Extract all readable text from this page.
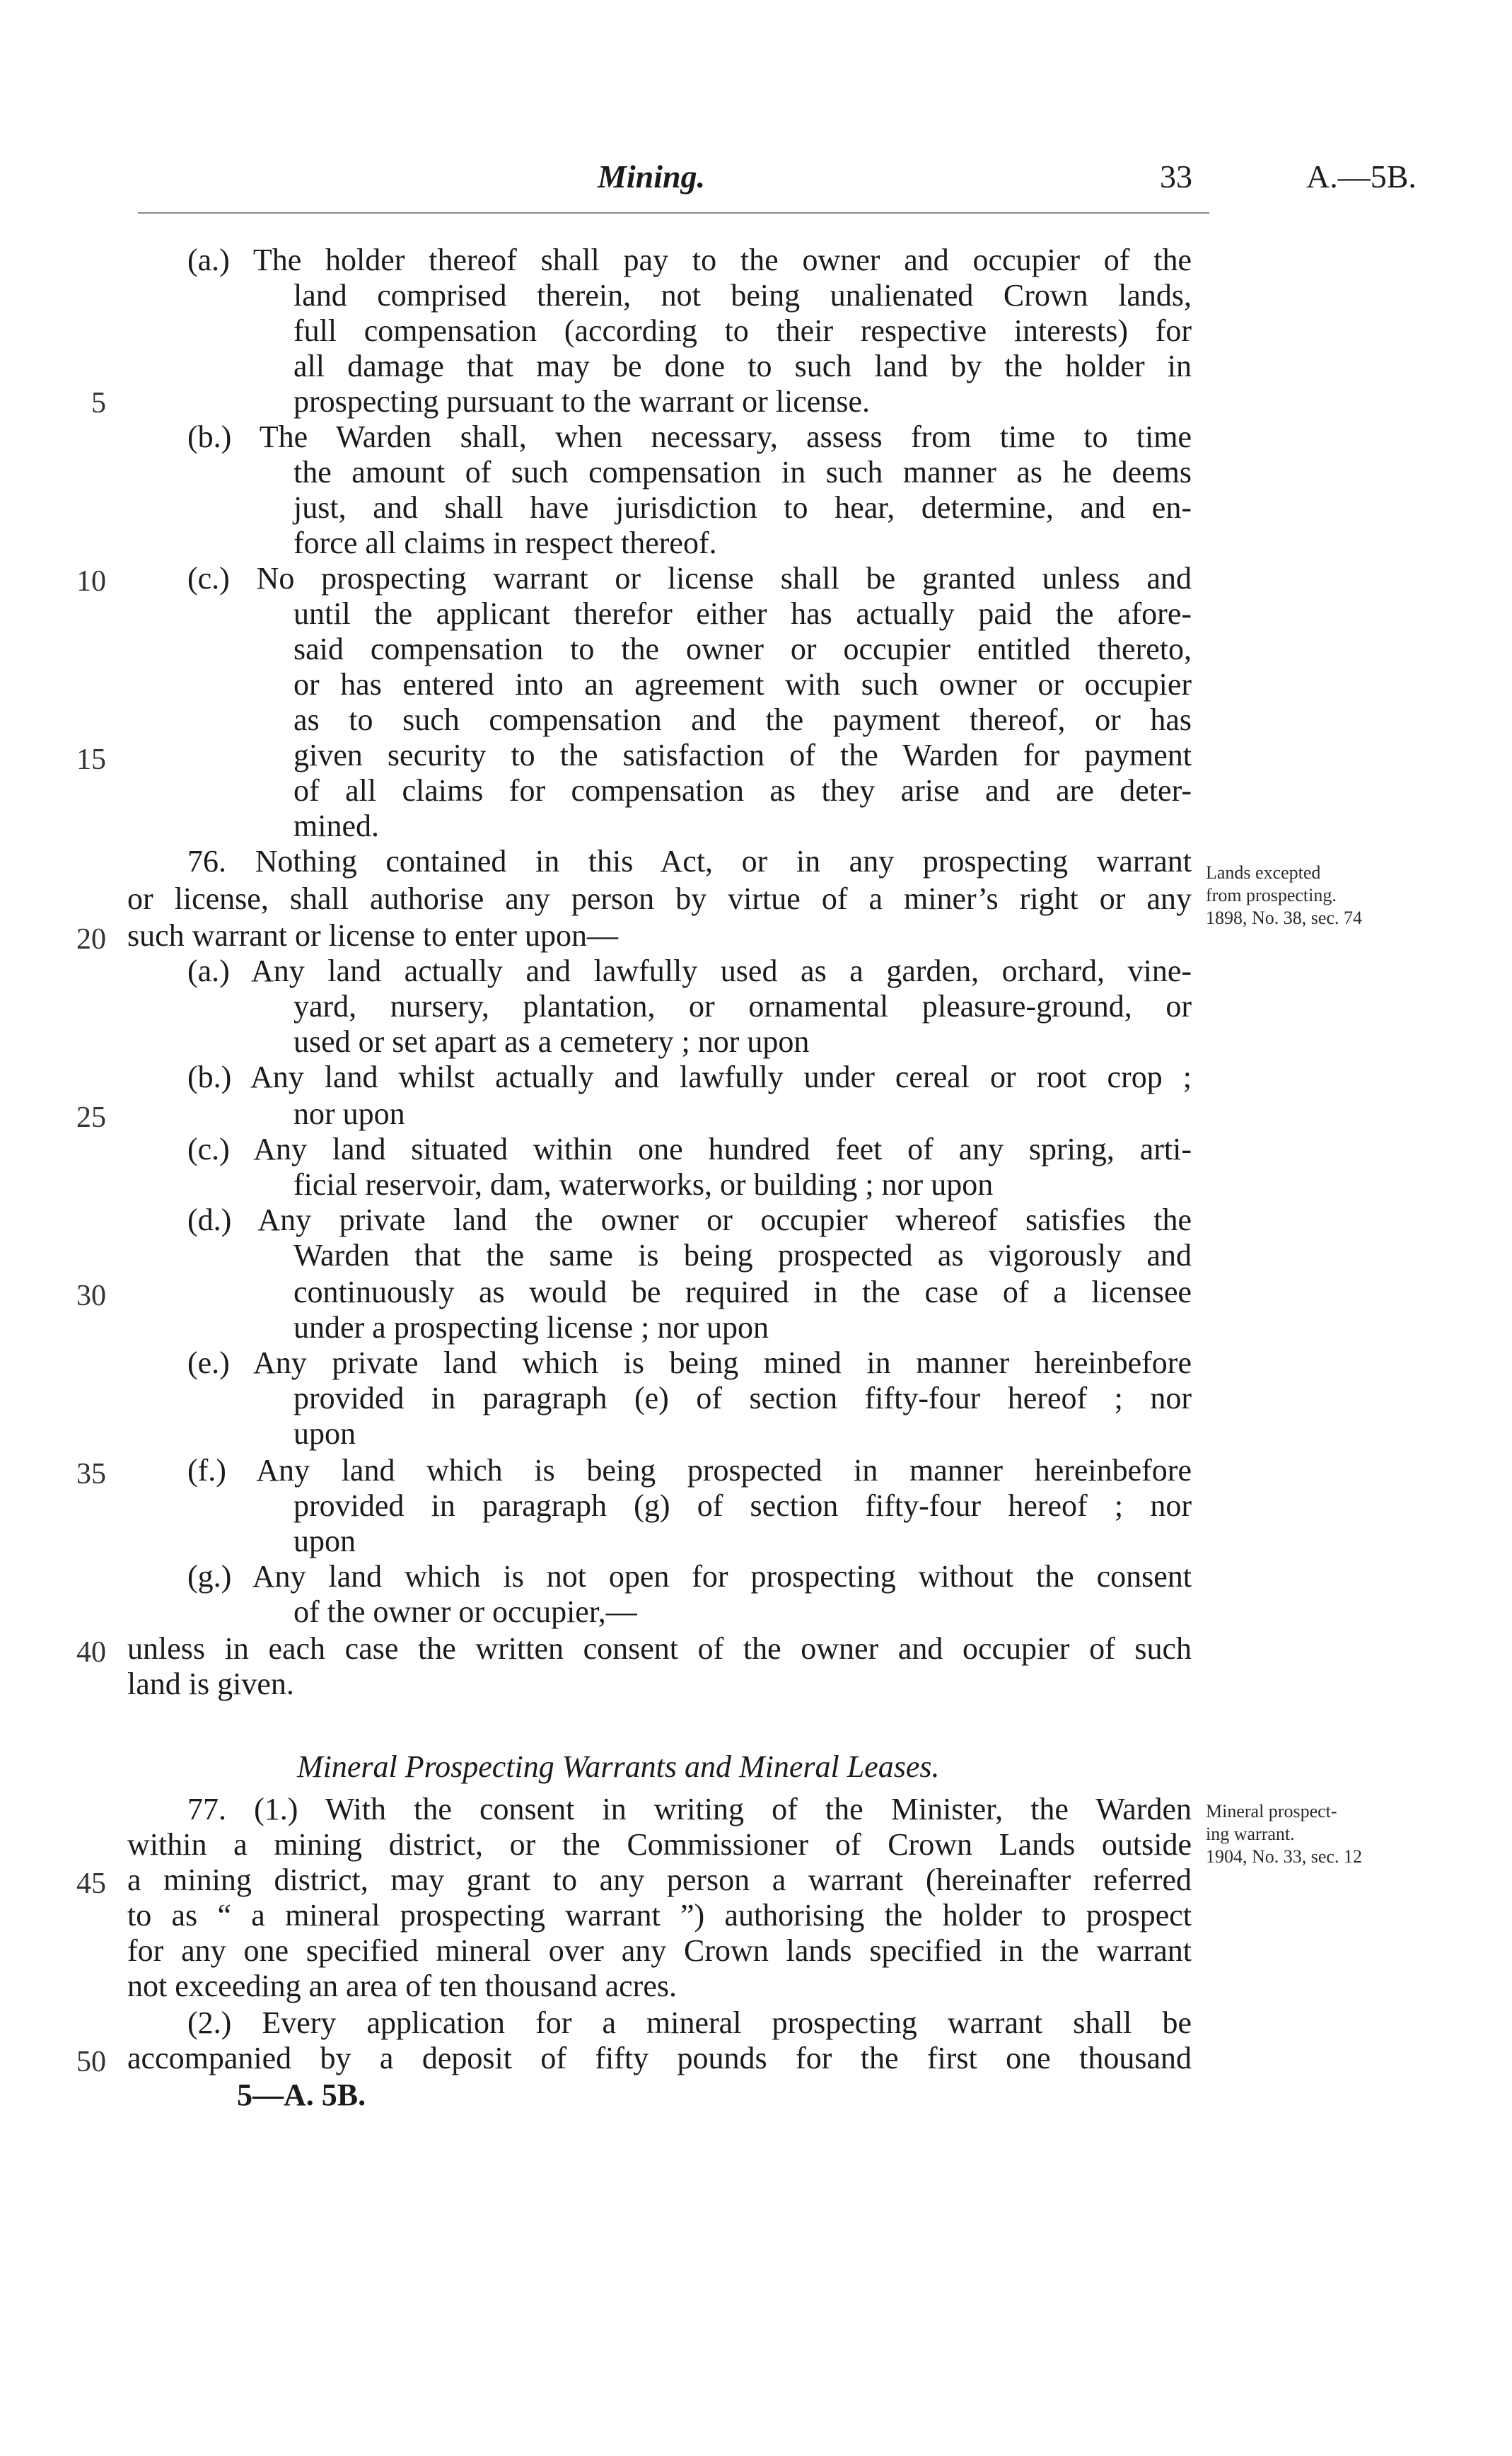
Mining.	33	A.—5B.
5
10
15
20
25
30
35
40
45
50
Lands excepted
from prospecting.
1898, No. 38, sec. 74
Mineral prospect-
ing warrant.
1904, No. 33, sec. 12
(a.) The holder thereof shall pay to the owner and occupier of the
land comprised therein, not being unalienated Crown lands,
full compensation (according to their respective interests) for
all damage that may be done to such land by the holder in
prospecting pursuant to the warrant or license.
(b.) The Warden shall, when necessary, assess from time to time
the amount of such compensation in such manner as he deems
just, and shall have jurisdiction to hear, determine, and en-
force all claims in respect thereof.
(c.) No prospecting warrant or license shall be granted unless and
until the applicant therefor either has actually paid the afore-
said compensation to the owner or occupier entitled thereto,
or has entered into an agreement with such owner or occupier
as to such compensation and the payment thereof, or has
given security to the satisfaction of the Warden for payment
of all claims for compensation as they arise and are deter-
mined.
76. Nothing contained in this Act, or in any prospecting warrant
or license, shall authorise any person by virtue of a miner’s right or any
such warrant or license to enter upon—
(a.) Any land actually and lawfully used as a garden, orchard, vine-
yard, nursery, plantation, or ornamental pleasure-ground, or
used or set apart as a cemetery ; nor upon
(b.) Any land whilst actually and lawfully under cereal or root crop ;
nor upon
(c.) Any land situated within one hundred feet of any spring, arti-
ficial reservoir, dam, waterworks, or building ; nor upon
(d.) Any private land the owner or occupier whereof satisfies the
Warden that the same is being prospected as vigorously and
continuously as would be required in the case of a licensee
under a prospecting license ; nor upon
(e.) Any private land which is being mined in manner hereinbefore
provided in paragraph (e) of section fifty-four hereof ; nor
upon
(f.) Any land which is being prospected in manner hereinbefore
provided in paragraph (g) of section fifty-four hereof ; nor
upon
(g.) Any land which is not open for prospecting without the consent
of the owner or occupier,—
unless in each case the written consent of the owner and occupier of such
land is given.
Mineral Prospecting Warrants and Mineral Leases.
77. (1.) With the consent in writing of the Minister, the Warden
within a mining district, or the Commissioner of Crown Lands outside
a mining district, may grant to any person a warrant (hereinafter referred
to as “ a mineral prospecting warrant ”) authorising the holder to prospect
for any one specified mineral over any Crown lands specified in the warrant
not exceeding an area of ten thousand acres.
(2.) Every application for a mineral prospecting warrant shall be
accompanied by a deposit of fifty pounds for the first one thousand
5—A. 5B.
